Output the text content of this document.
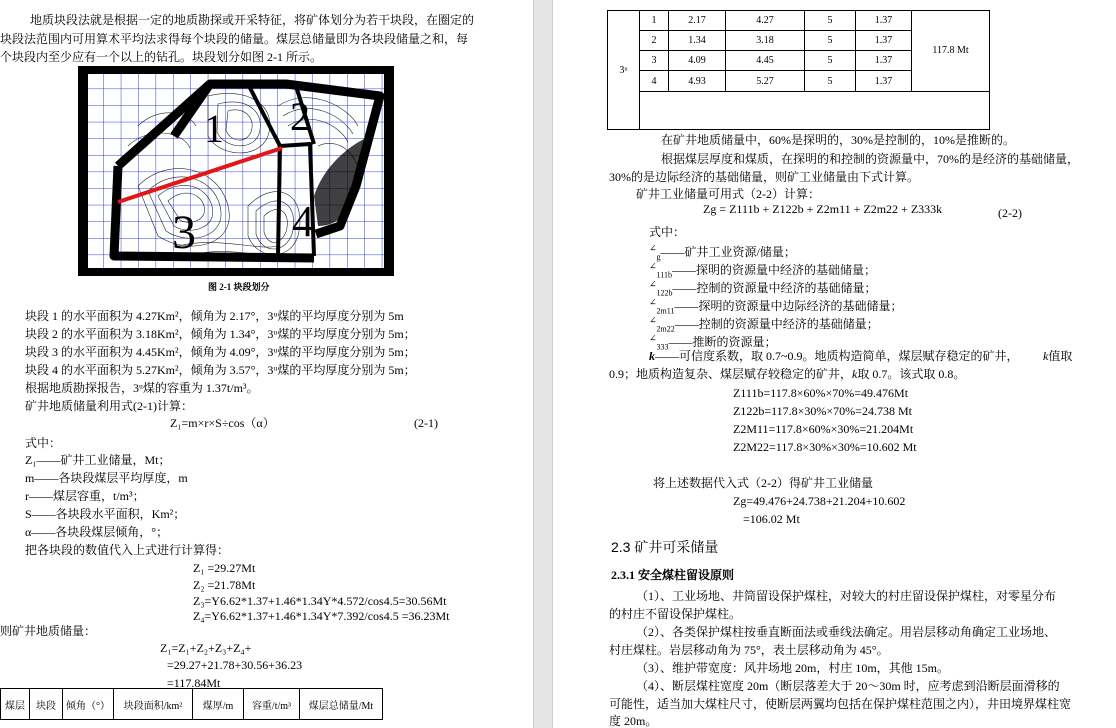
地质块段法就是根据一定的地质勘探或开采特征，将矿体划分为若干块段，在圈定的
块段法范围内可用算术平均法求得每个块段的储量。煤层总储量即为各块段储量之和，每
个块段内至少应有一个以上的钻孔。块段划分如图 2-1 所示。
1 2
3 4
图 2-1 块段划分
块段 1 的水平面积为 4.27Km²，倾角为 2.17°，3ᵘ煤的平均厚度分别为 5m
块段 2 的水平面积为 3.18Km²，倾角为 1.34°，3ᵘ煤的平均厚度分别为 5m；
块段 3 的水平面积为 4.45Km²，倾角为 4.09°，3ᵘ煤的平均厚度分别为 5m；
块段 4 的水平面积为 5.27Km²，倾角为 3.57°，3ᵘ煤的平均厚度分别为 5m；
根据地质勘探报告，3ᵘ煤的容重为 1.37t/m³。
矿井地质储量利用式(2-1)计算：
Z₁=m×r×S÷cos（α）	(2-1)
式中：
Z₁——矿井工业储量，Mt；
m——各块段煤层平均厚度，m
r——煤层容重，t/m³；
S——各块段水平面积，Km²；
α——各块段煤层倾角，°；
把各块段的数值代入上式进行计算得：
Z₁ =29.27Mt
Z₂ =21.78Mt
Z₃=Y6.62*1.37+1.46*1.34Y*4.572/cos4.5=30.56Mt
Z₄=Y6.62*1.37+1.46*1.34Y*7.392/cos4.5 =36.23Mt
则矿井地质储量：
Z₁=Z₁+Z₂+Z₃+Z₄+
=29.27+21.78+30.56+36.23
=117.84Mt
煤层	块段	倾角（°）	块段面积/km²	煤厚/m	容重/t/m³	煤层总储量/Mt
3ᵘ	1	2.17	4.27	5	1.37	117.8 Mt
	2	1.34	3.18	5	1.37	
	3	4.09	4.45	5	1.37	
	4	4.93	5.27	5	1.37	

在矿井地质储量中，60%是探明的，30%是控制的，10%是推断的。
根据煤层厚度和煤质，在探明的和控制的资源量中，70%的是经济的基础储量，
30%的是边际经济的基础储量，则矿工业储量由下式计算。
矿井工业储量可用式（2-2）计算：
Zg = Z111b + Z122b + Z2m11 + Z2m22 + Z333k	(2-2)
式中：
∠$_g$——矿井工业资源/储量；
∠$_{111b}$——探明的资源量中经济的基础储量；
∠$_{122b}$——控制的资源量中经济的基础储量；
∠$_{2m11}$——探明的资源量中边际经济的基础储量；
∠$_{2m22}$——控制的资源量中经济的基础储量；
∠$_{333}$——推断的资源量；
k——可信度系数，取 0.7~0.9。地质构造简单，煤层赋存稳定的矿井， k值取
0.9；地质构造复杂、煤层赋存较稳定的矿井，k取 0.7。该式取 0.8。
Z111b=117.8×60%×70%=49.476Mt
Z122b=117.8×30%×70%=24.738 Mt
Z2M11=117.8×60%×30%=21.204Mt
Z2M22=117.8×30%×30%=10.602 Mt
将上述数据代入式（2-2）得矿井工业储量
Zg=49.476+24.738+21.204+10.602
=106.02 Mt
2.3 矿井可采储量
2.3.1 安全煤柱留设原则
（1）、工业场地、井筒留设保护煤柱，对较大的村庄留设保护煤柱，对零星分布
的村庄不留设保护煤柱。
（2）、各类保护煤柱按垂直断面法或垂线法确定。用岩层移动角确定工业场地、
村庄煤柱。岩层移动角为 75°，表土层移动角为 45°。
（3）、维护带宽度：风井场地 20m，村庄 10m，其他 15m。
（4）、断层煤柱宽度 20m（断层落差大于 20～30m 时，应考虑到沿断层面滑移的
可能性，适当加大煤柱尺寸，使断层两翼均包括在保护煤柱范围之内），井田境界煤柱宽
度 20m。
